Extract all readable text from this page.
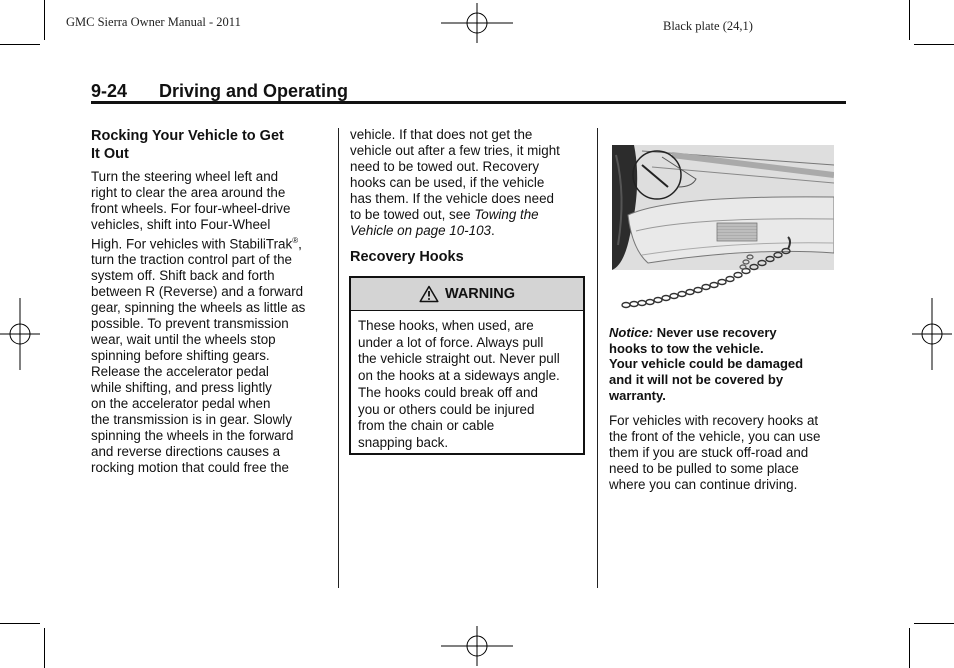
GMC Sierra Owner Manual - 2011	Black plate (24,1)
9-24 Driving and Operating

Rocking Your Vehicle to Get
It Out

Turn the steering wheel left and
right to clear the area around the
front wheels. For four-wheel-drive
vehicles, shift into Four-Wheel
High. For vehicles with StabiliTrak®,
turn the traction control part of the
system off. Shift back and forth
between R (Reverse) and a forward
gear, spinning the wheels as little as
possible. To prevent transmission
wear, wait until the wheels stop
spinning before shifting gears.
Release the accelerator pedal
while shifting, and press lightly
on the accelerator pedal when
the transmission is in gear. Slowly
spinning the wheels in the forward
and reverse directions causes a
rocking motion that could free the

vehicle. If that does not get the
vehicle out after a few tries, it might
need to be towed out. Recovery
hooks can be used, if the vehicle
has them. If the vehicle does need
to be towed out, see Towing the
Vehicle on page 10-103.

Recovery Hooks

WARNING

These hooks, when used, are
under a lot of force. Always pull
the vehicle straight out. Never pull
on the hooks at a sideways angle.
The hooks could break off and
you or others could be injured
from the chain or cable
snapping back.

Notice: Never use recovery
hooks to tow the vehicle.
Your vehicle could be damaged
and it will not be covered by
warranty.

For vehicles with recovery hooks at
the front of the vehicle, you can use
them if you are stuck off-road and
need to be pulled to some place
where you can continue driving.
